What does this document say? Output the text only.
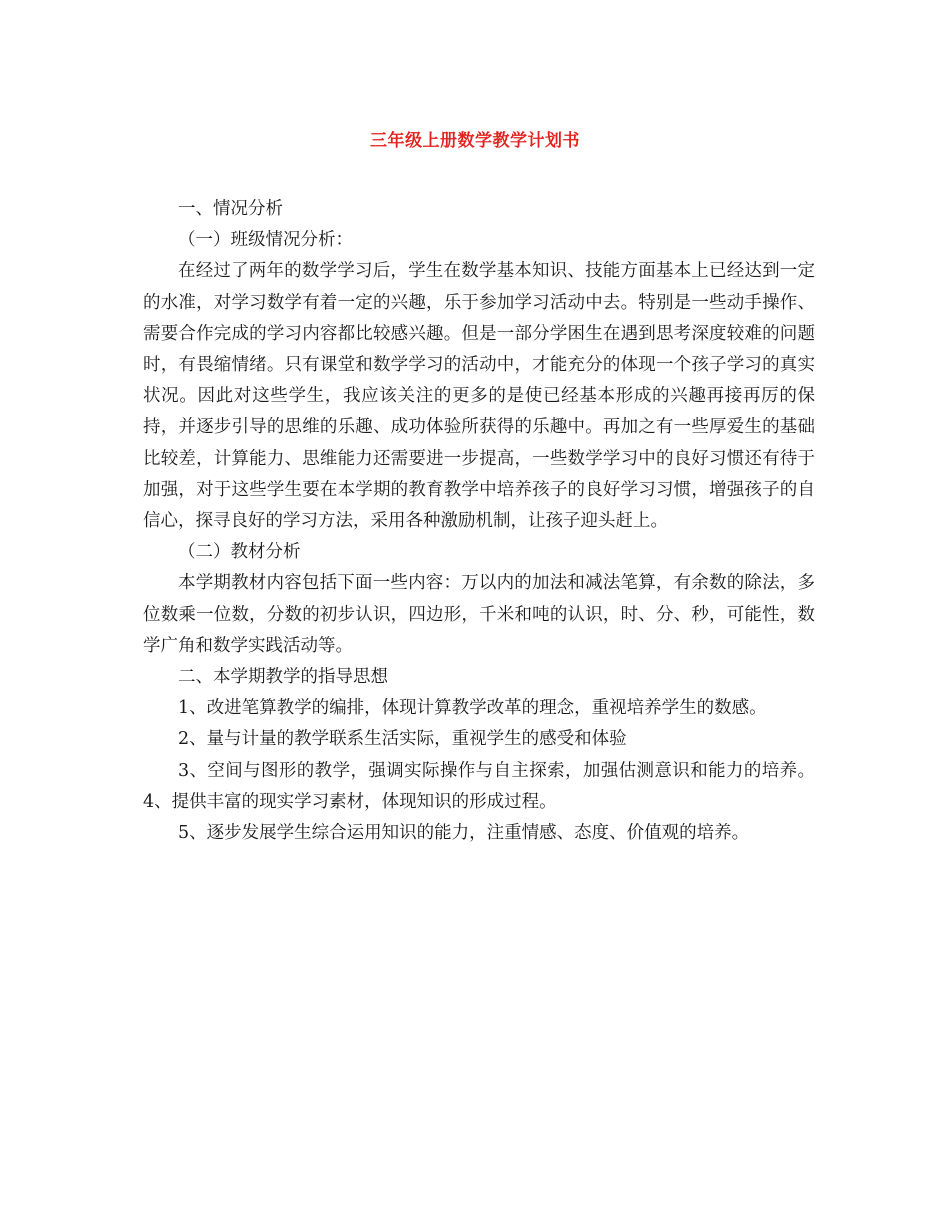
三年级上册数学教学计划书

一、情况分析

（一）班级情况分析：

在经过了两年的数学学习后，学生在数学基本知识、技能方面基本上已经达到一定的水准，对学习数学有着一定的兴趣，乐于参加学习活动中去。特别是一些动手操作、需要合作完成的学习内容都比较感兴趣。但是一部分学困生在遇到思考深度较难的问题时，有畏缩情绪。只有课堂和数学学习的活动中，才能充分的体现一个孩子学习的真实状况。因此对这些学生，我应该关注的更多的是使已经基本形成的兴趣再接再厉的保持，并逐步引导的思维的乐趣、成功体验所获得的乐趣中。再加之有一些厚爱生的基础比较差，计算能力、思维能力还需要进一步提高，一些数学学习中的良好习惯还有待于加强，对于这些学生要在本学期的教育教学中培养孩子的良好学习习惯，增强孩子的自信心，探寻良好的学习方法，采用各种激励机制，让孩子迎头赶上。

（二）教材分析

本学期教材内容包括下面一些内容：万以内的加法和减法笔算，有余数的除法，多位数乘一位数，分数的初步认识，四边形，千米和吨的认识，时、分、秒，可能性，数学广角和数学实践活动等。

二、本学期教学的指导思想

1、改进笔算教学的编排，体现计算教学改革的理念，重视培养学生的数感。

2、量与计量的教学联系生活实际，重视学生的感受和体验

3、空间与图形的教学，强调实际操作与自主探索，加强估测意识和能力的培养。4、提供丰富的现实学习素材，体现知识的形成过程。

5、逐步发展学生综合运用知识的能力，注重情感、态度、价值观的培养。
